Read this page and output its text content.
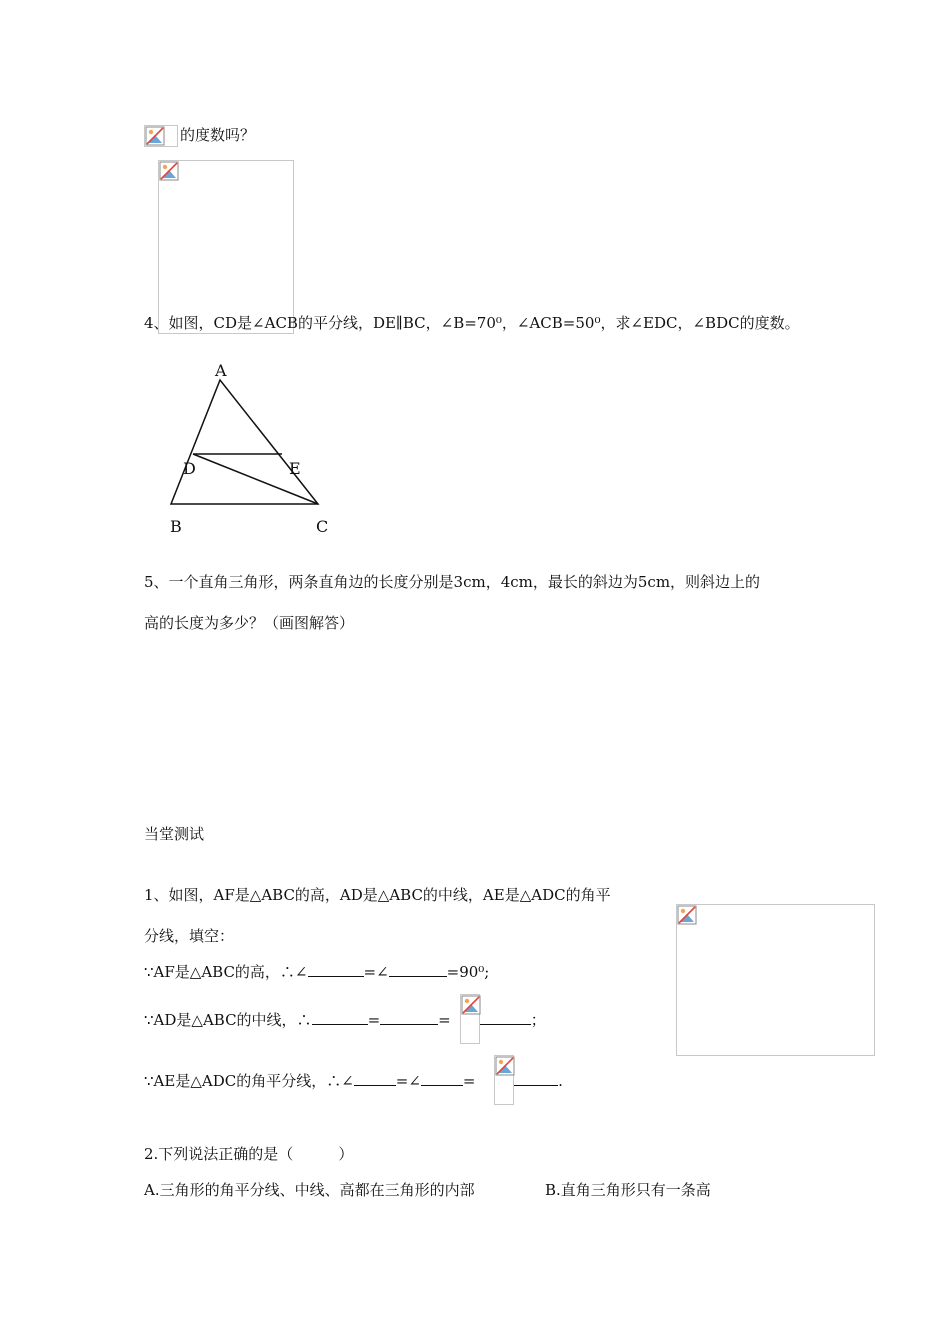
的度数吗？
4、如图，CD是∠ACB的平分线，DE∥BC，∠B=70⁰，∠ACB=50⁰，求∠EDC，∠BDC的度数。
A
D	E
B	C
5、一个直角三角形，两条直角边的长度分别是3cm，4cm，最长的斜边为5cm，则斜边上的
高的长度为多少？（画图解答）
当堂测试
1、如图，AF是△ABC的高，AD是△ABC的中线，AE是△ADC的角平
分线，填空：
∵AF是△ABC的高，∴∠	=∠	=90⁰;
∵AD是△ABC的中线，∴	=	=	；
∵AE是△ADC的角平分线，∴∠	=∠	=	.
2.下列说法正确的是（　　　）
A.三角形的角平分线、中线、高都在三角形的内部	B.直角三角形只有一条高
